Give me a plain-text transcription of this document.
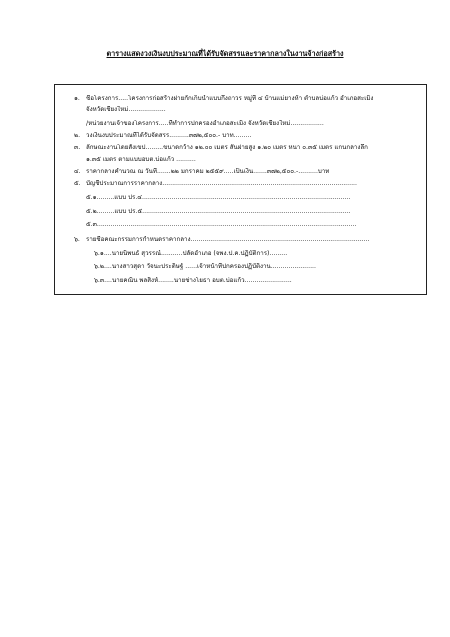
ตารางแสดงวงเงินงบประมาณที่ได้รับจัดสรรและราคากลางในงานจ้างก่อสร้าง
๑. ชื่อโครงการ.....โครงการก่อสร้างฝายกักเก็บน้ำแบบกึ่งถาวร หมู่ที่ ๔ บ้านแม่ยางห้า ตำบลบ่อแก้ว อำเภอสะเมิง
จังหวัดเชียงใหม่...................
/หน่วยงานเจ้าของโครงการ.....ที่ทำการปกครองอำเภอสะเมิง จังหวัดเชียงใหม่.................
๒. วงเงินงบประมาณที่ได้รับจัดสรร..........๓๗๒,๕๐๐.- บาท.........
๓. ลักษณะงานโดยสังเขป.........ขนาดกว้าง ๑๒.๐๐ เมตร สันฝายสูง ๑.๒๐ เมตร หนา ๐.๓๕ เมตร แกนกลางลึก
๑.๓๕ เมตร ตามแบบอบต.บ่อแก้ว ..........
๔. ราคากลางคำนวณ ณ วันที่.......๒๒ มกราคม ๒๕๕๙.....เป็นเงิน.......๓๗๒,๕๐๐.-..........บาท
๕. บัญชีประมาณการราคากลาง...................................................................................................
๕.๑.........แบบ ปร.๔..........................................................................................................
๕.๒.........แบบ ปร.๕..........................................................................................................
๕.๓....................................................................................................................................
๖. รายชื่อคณะกรรมการกำหนดราคากลาง...........................................................................................
๖.๑....นายนิพนธ์ สุวรรณ์...........ปลัดอำเภอ (จพง.ป.ค.ปฏิบัติการ).........
๖.๒....นางสาวสุดา วัจนะประดิษฐ์ ......เจ้าหน้าที่ปกครองปฏิบัติงาน.......................
๖.๓....นายคณิน พลสิงห์........นายช่างโยธา อบต.บ่อแก้ว........................
